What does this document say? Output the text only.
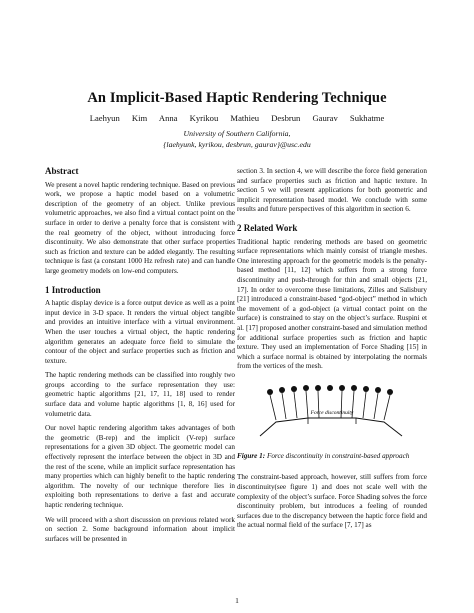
An Implicit-Based Haptic Rendering Technique
Laehyun Kim Anna Kyrikou Mathieu Desbrun Gaurav Sukhatme
University of Southern California,
{laehyunk, kyrikou, desbrun, gaurav}@usc.edu
Abstract

We present a novel haptic rendering technique. Based on previous work, we propose a haptic model based on a volumetric description of the geometry of an object. Unlike previous volumetric approaches, we also find a virtual contact point on the surface in order to derive a penalty force that is consistent with the real geometry of the object, without introducing force discontinuity. We also demonstrate that other surface properties such as friction and texture can be added elegantly. The resulting technique is fast (a constant 1000 Hz refresh rate) and can handle large geometry models on low-end computers.

1 Introduction

A haptic display device is a force output device as well as a point input device in 3-D space. It renders the virtual object tangible and provides an intuitive interface with a virtual environment. When the user touches a virtual object, the haptic rendering algorithm generates an adequate force field to simulate the contour of the object and surface properties such as friction and texture.

The haptic rendering methods can be classified into roughly two groups according to the surface representation they use: geometric haptic algorithms [21, 17, 11, 18] used to render surface data and volume haptic algorithms [1, 8, 16] used for volumetric data.

Our novel haptic rendering algorithm takes advantages of both the geometric (B-rep) and the implicit (V-rep) surface representations for a given 3D object. The geometric model can effectively represent the interface between the object in 3D and the rest of the scene, while an implicit surface representation has many properties which can highly benefit to the haptic rendering algorithm. The novelty of our technique therefore lies in exploiting both representations to derive a fast and accurate haptic rendering technique.

We will proceed with a short discussion on previous related work on section 2. Some background information about implicit surfaces will be presented in

section 3. In section 4, we will describe the force field generation and surface properties such as friction and haptic texture. In section 5 we will present applications for both geometric and implicit representation based model. We conclude with some results and future perspectives of this algorithm in section 6.

2 Related Work

Traditional haptic rendering methods are based on geometric surface representations which mainly consist of triangle meshes. One interesting approach for the geometric models is the penalty-based method [11, 12] which suffers from a strong force discontinuity and push-through for thin and small objects [21, 17]. In order to overcome these limitations, Zilles and Salisbury [21] introduced a constraint-based “god-object” method in which the movement of a god-object (a virtual contact point on the surface) is constrained to stay on the object’s surface. Ruspini et al. [17] proposed another constraint-based and simulation method for additional surface properties such as friction and haptic texture. They used an implementation of Force Shading [15] in which a surface normal is obtained by interpolating the normals from the vertices of the mesh.

Force discontinuity
Figure 1: Force discontinuity in constraint-based approach

The constraint-based approach, however, still suffers from force discontinuity(see figure 1) and does not scale well with the complexity of the object’s surface. Force Shading solves the force discontinuity problem, but introduces a feeling of rounded surfaces due to the discrepancy between the haptic force field and the actual normal field of the surface [7, 17] as

1
